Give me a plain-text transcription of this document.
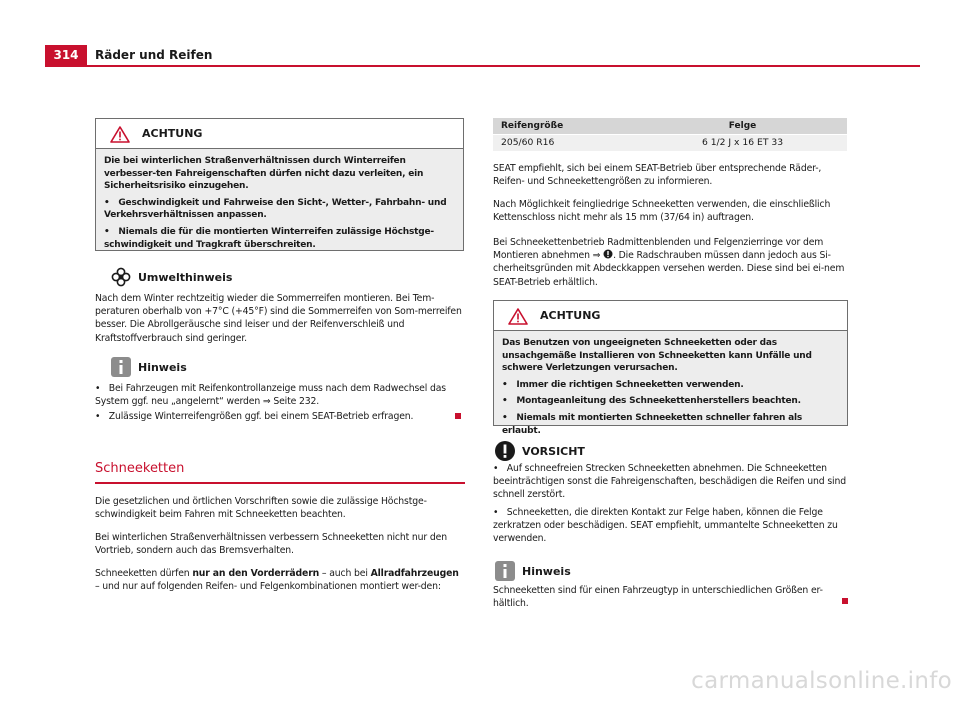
314	Räder und Reifen
ACHTUNG
Die bei winterlichen Straßenverhältnissen durch Winterreifen verbesser-ten Fahreigenschaften dürfen nicht dazu verleiten, ein Sicherheitsrisiko einzugehen.
•   Geschwindigkeit und Fahrweise den Sicht-, Wetter-, Fahrbahn- und Verkehrsverhältnissen anpassen.
•   Niemals die für die montierten Winterreifen zulässige Höchstge-schwindigkeit und Tragkraft überschreiten.
Umwelthinweis
Nach dem Winter rechtzeitig wieder die Sommerreifen montieren. Bei Tem-peraturen oberhalb von +7°C (+45°F) sind die Sommerreifen von Som-merreifen besser. Die Abrollgeräusche sind leiser und der Reifenverschleiß und Kraftstoffverbrauch sind geringer.
Hinweis
•   Bei Fahrzeugen mit Reifenkontrollanzeige muss nach dem Radwechsel das System ggf. neu „angelernt“ werden ⇒ Seite 232.
•   Zulässige Winterreifengrößen ggf. bei einem SEAT-Betrieb erfragen.
Schneeketten
Die gesetzlichen und örtlichen Vorschriften sowie die zulässige Höchstge-schwindigkeit beim Fahren mit Schneeketten beachten.
Bei winterlichen Straßenverhältnissen verbessern Schneeketten nicht nur den Vortrieb, sondern auch das Bremsverhalten.
Schneeketten dürfen nur an den Vorderrädern – auch bei Allradfahrzeugen – und nur auf folgenden Reifen- und Felgenkombinationen montiert wer-den:
Reifengröße	Felge
205/60 R16	6 1/2 J x 16 ET 33
SEAT empfiehlt, sich bei einem SEAT-Betrieb über entsprechende Räder-, Reifen- und Schneekettengrößen zu informieren.
Nach Möglichkeit feingliedrige Schneeketten verwenden, die einschließlich Kettenschloss nicht mehr als 15 mm (37/64 in) auftragen.
Bei Schneekettenbetrieb Radmittenblenden und Felgenzierringe vor dem Montieren abnehmen ⇒ . Die Radschrauben müssen dann jedoch aus Si-cherheitsgründen mit Abdeckkappen versehen werden. Diese sind bei ei-nem SEAT-Betrieb erhältlich.
ACHTUNG
Das Benutzen von ungeeigneten Schneeketten oder das unsachgemäße Installieren von Schneeketten kann Unfälle und schwere Verletzungen verursachen.
•   Immer die richtigen Schneeketten verwenden.
•   Montageanleitung des Schneekettenherstellers beachten.
•   Niemals mit montierten Schneeketten schneller fahren als erlaubt.
VORSICHT
•   Auf schneefreien Strecken Schneeketten abnehmen. Die Schneeketten beeinträchtigen sonst die Fahreigenschaften, beschädigen die Reifen und sind schnell zerstört.
•   Schneeketten, die direkten Kontakt zur Felge haben, können die Felge zerkratzen oder beschädigen. SEAT empfiehlt, ummantelte Schneeketten zu verwenden.
Hinweis
Schneeketten sind für einen Fahrzeugtyp in unterschiedlichen Größen er-hältlich.
carmanualsonline.info
